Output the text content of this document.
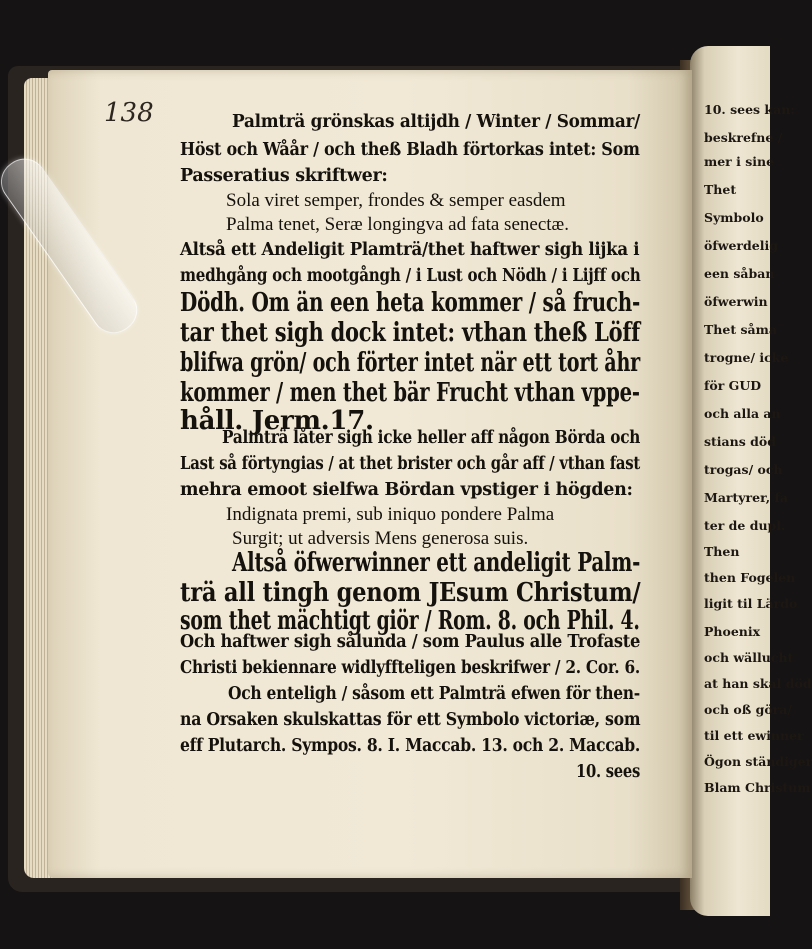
10. sees kan:
beskrefne /
mer i sine
Thet
Symbolo
öfwerdelig
een såban
öfwerwin
Thet såma
trogne/ icke
för GUD
och alla an
stians död
trogas/ och
Martyrer, fa
ter de dupl.
Then
then Fogelen
ligit til Lärdo
Phoenix
och wällucht
at han skal död
och oß göra/
til ett ewinner
Ögon ständiger
Blam Christum
138	Palmträ grönskas altijdh / Winter / Sommar/
Höst och Wåår / och theß Bladh förtorkas intet: Som
Passeratius skriftwer:
Sola viret semper, frondes & semper easdem
Palma tenet, Seræ longingva ad fata senectæ.
Altså ett Andeligit Plamträ/thet haftwer sigh lijka i
medhgång och mootgångh / i Lust och Nödh / i Lijff och
Dödh. Om än een heta kommer / så fruch-
tar thet sigh dock intet: vthan theß Löff
blifwa grön/ och förter intet när ett tort åhr
kommer / men thet bär Frucht vthan vppe-
håll. Jerm.17.
Palmträ låter sigh icke heller aff någon Börda och
Last så förtyngias / at thet brister och går aff / vthan fast
mehra emoot sielfwa Bördan vpstiger i högden:
Indignata premi, sub iniquo pondere Palma
Surgit; ut adversis Mens generosa suis.
Altså öfwerwinner ett andeligit Palm-
trä all tingh genom JEsum Christum/
som thet mächtigt giör / Rom. 8. och Phil. 4.
Och haftwer sigh sålunda / som Paulus alle Trofaste
Christi bekiennare widlyffteligen beskrifwer / 2. Cor. 6.
Och enteligh / såsom ett Palmträ efwen för then-
na Orsaken skulskattas för ett Symbolo victoriæ, som
eff Plutarch. Sympos. 8. I. Maccab. 13. och 2. Maccab.
10. sees
